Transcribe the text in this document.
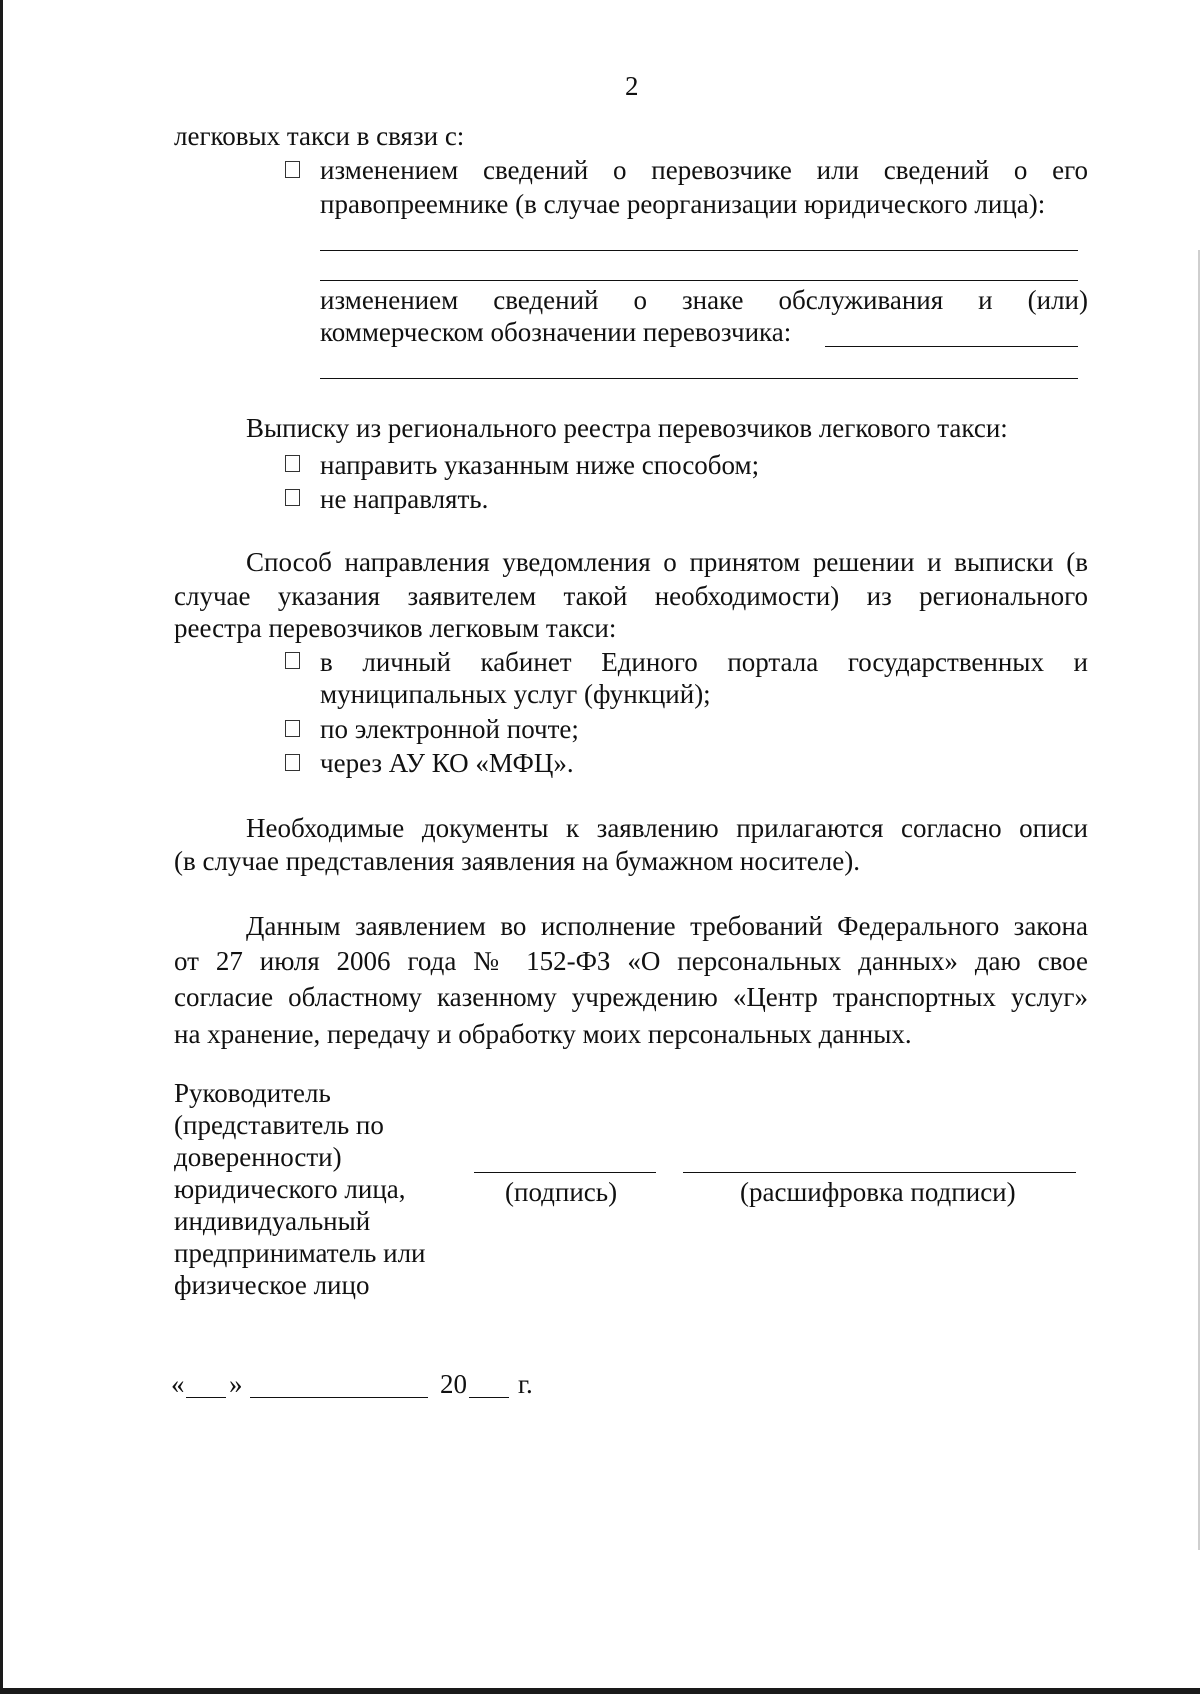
2
легковых такси в связи с:
изменением сведений о перевозчике или сведений о его
правопреемнике (в случае реорганизации юридического лица):
изменением сведений о знаке обслуживания и (или)
коммерческом обозначении перевозчика:
Выписку из регионального реестра перевозчиков легкового такси:
направить указанным ниже способом;
не направлять.
Способ направления уведомления о принятом решении и выписки (в
случае указания заявителем такой необходимости) из регионального
реестра перевозчиков легковым такси:
в личный кабинет Единого портала государственных и
муниципальных услуг (функций);
по электронной почте;
через АУ КО «МФЦ».
Необходимые документы к заявлению прилагаются согласно описи
(в случае представления заявления на бумажном носителе).
Данным заявлением во исполнение требований Федерального закона
от 27 июля 2006 года № 152-ФЗ «О персональных данных» даю свое
согласие областному казенному учреждению «Центр транспортных услуг»
на хранение, передачу и обработку моих персональных данных.
Руководитель
(представитель по
доверенности)
юридического лица,
индивидуальный
предприниматель или
физическое лицо
(подпись)	(расшифровка подписи)
« »	20 г.
